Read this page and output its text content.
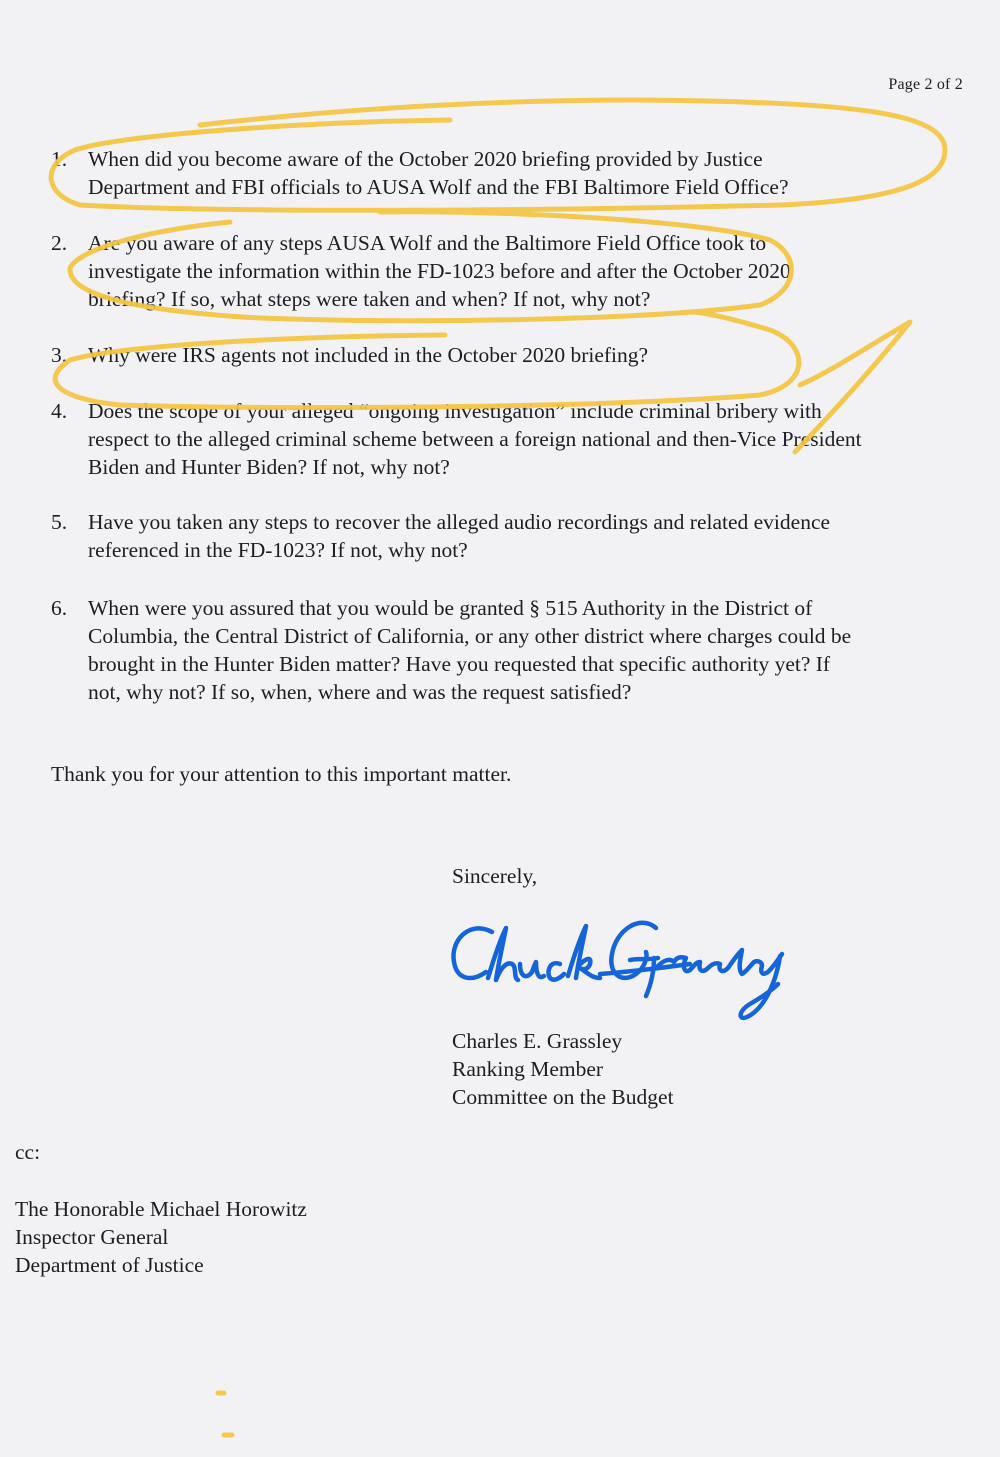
Page 2 of 2
1. When did you become aware of the October 2020 briefing provided by Justice
Department and FBI officials to AUSA Wolf and the FBI Baltimore Field Office?
2. Are you aware of any steps AUSA Wolf and the Baltimore Field Office took to
investigate the information within the FD-1023 before and after the October 2020
briefing? If so, what steps were taken and when? If not, why not?
3. Why were IRS agents not included in the October 2020 briefing?
4. Does the scope of your alleged “ongoing investigation” include criminal bribery with
respect to the alleged criminal scheme between a foreign national and then-Vice President
Biden and Hunter Biden? If not, why not?
5. Have you taken any steps to recover the alleged audio recordings and related evidence
referenced in the FD-1023? If not, why not?
6. When were you assured that you would be granted § 515 Authority in the District of
Columbia, the Central District of California, or any other district where charges could be
brought in the Hunter Biden matter? Have you requested that specific authority yet? If
not, why not? If so, when, where and was the request satisfied?
Thank you for your attention to this important matter.
Sincerely,
Charles E. Grassley
Ranking Member
Committee on the Budget
cc:
The Honorable Michael Horowitz
Inspector General
Department of Justice
